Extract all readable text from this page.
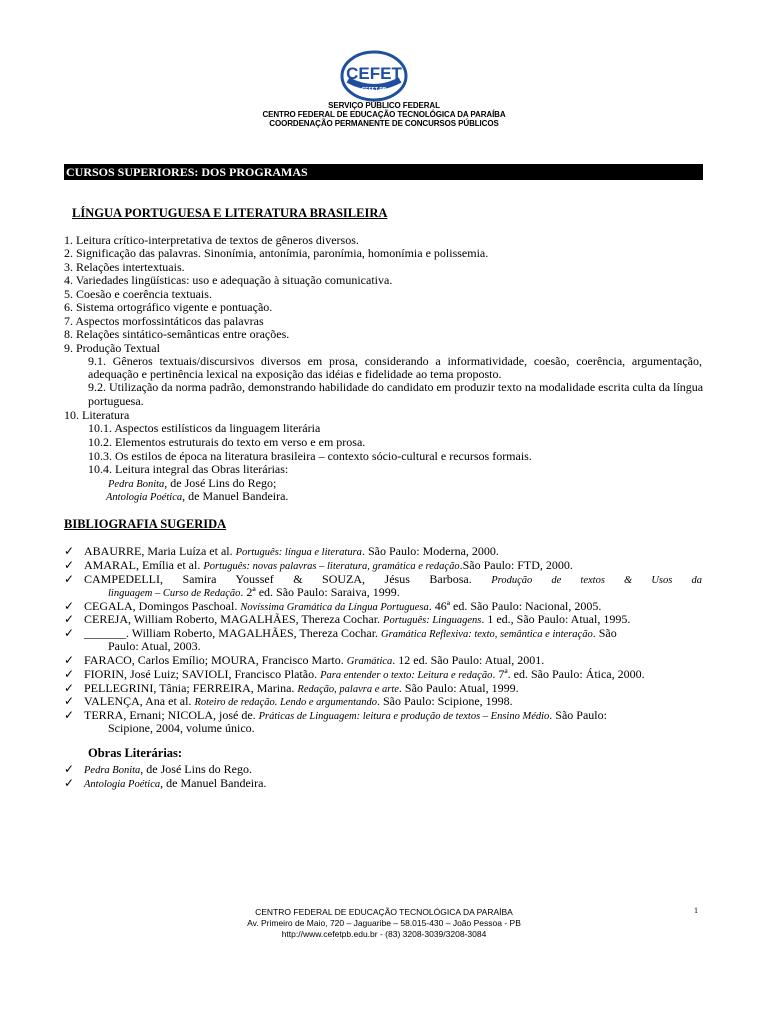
CEFET
CEFET-PB
SERVIÇO PÚBLICO FEDERAL
CENTRO FEDERAL DE EDUCAÇÃO TECNOLÓGICA DA PARAÍBA
COORDENAÇÃO PERMANENTE DE CONCURSOS PÚBLICOS
CURSOS SUPERIORES: DOS PROGRAMAS
LÍNGUA PORTUGUESA E LITERATURA BRASILEIRA
1. Leitura crítico-interpretativa de textos de gêneros diversos.
2. Significação das palavras. Sinonímia, antonímia, paronímia, homonímia e polissemia.
3. Relações intertextuais.
4. Variedades lingüísticas: uso e adequação à situação comunicativa.
5. Coesão e coerência textuais.
6. Sistema ortográfico vigente e pontuação.
7. Aspectos morfossintáticos das palavras
8. Relações sintático-semânticas entre orações.
9. Produção Textual
9.1. Gêneros textuais/discursivos diversos em prosa, considerando a informatividade, coesão, coerência, argumentação,
adequação e pertinência lexical na exposição das idéias e fidelidade ao tema proposto.
9.2. Utilização da norma padrão, demonstrando habilidade do candidato em produzir texto na modalidade escrita culta da língua
portuguesa.
10. Literatura
10.1. Aspectos estilísticos da linguagem literária
10.2. Elementos estruturais do texto em verso e em prosa.
10.3. Os estilos de época na literatura brasileira – contexto sócio-cultural e recursos formais.
10.4. Leitura integral das Obras literárias:
Pedra Bonita, de José Lins do Rego;
Antologia Poética, de Manuel Bandeira.
BIBLIOGRAFIA SUGERIDA
✓ ABAURRE, Maria Luíza et al. Português: língua e literatura. São Paulo: Moderna, 2000.
✓ AMARAL, Emília et al. Português: novas palavras – literatura, gramática e redação.São Paulo: FTD, 2000.
✓ CAMPEDELLI, Samira Youssef & SOUZA, Jésus Barbosa. Produção de textos & Usos da
linguagem – Curso de Redação. 2ª ed. São Paulo: Saraiva, 1999.
✓ CEGALA, Domingos Paschoal. Novíssima Gramática da Língua Portuguesa. 46ª ed. São Paulo: Nacional, 2005.
✓ CEREJA, William Roberto, MAGALHÃES, Thereza Cochar. Português: Linguagens. 1 ed., São Paulo: Atual, 1995.
✓ _______. William Roberto, MAGALHÃES, Thereza Cochar. Gramática Reflexiva: texto, semântica e interação. São
Paulo: Atual, 2003.
✓ FARACO, Carlos Emílio; MOURA, Francisco Marto. Gramática. 12 ed. São Paulo: Atual, 2001.
✓ FIORIN, José Luiz; SAVIOLI, Francisco Platão. Para entender o texto: Leitura e redação. 7ª. ed. São Paulo: Ática, 2000.
✓ PELLEGRINI, Tânia; FERREIRA, Marina. Redação, palavra e arte. São Paulo: Atual, 1999.
✓ VALENÇA, Ana et al. Roteiro de redação. Lendo e argumentando. São Paulo: Scipione, 1998.
✓ TERRA, Ernani; NICOLA, josé de. Práticas de Linguagem: leitura e produção de textos – Ensino Médio. São Paulo:
Scipione, 2004, volume único.
Obras Literárias:
✓ Pedra Bonita, de José Lins do Rego.
✓ Antologia Poética, de Manuel Bandeira.
CENTRO FEDERAL DE EDUCAÇÃO TECNOLÓGICA DA PARAÍBA
Av. Primeiro de Maio, 720 – Jaguaribe – 58.015-430 – João Pessoa - PB
http://www.cefetpb.edu.br - (83) 3208-3039/3208-3084
1
